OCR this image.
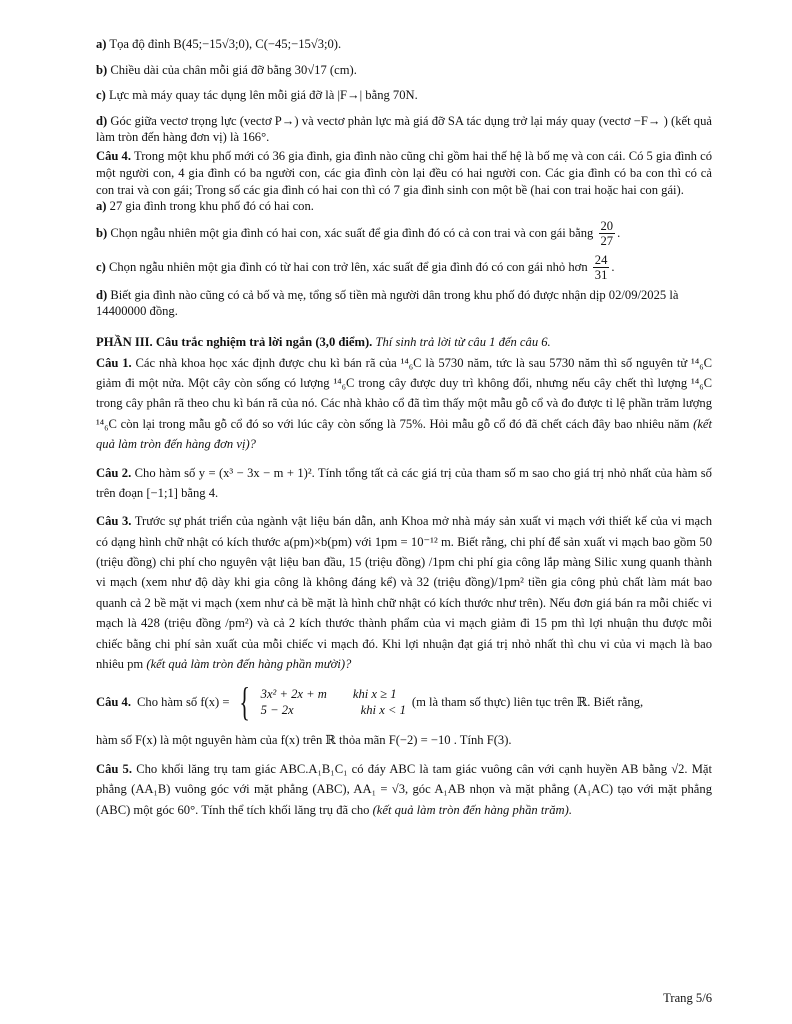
a) Tọa độ đỉnh B(45;−15√3;0), C(−45;−15√3;0).

b) Chiều dài của chân mỗi giá đỡ bằng 30√17 (cm).

c) Lực mà máy quay tác dụng lên mỗi giá đỡ là |F→| bằng 70N.

d) Góc giữa vectơ trọng lực (vectơ P→) và vectơ phản lực mà giá đỡ SA tác dụng trở lại máy quay (vectơ −F→ ) (kết quả làm tròn đến hàng đơn vị) là 166°.

Câu 4. Trong một khu phố mới có 36 gia đình, gia đình nào cũng chỉ gồm hai thế hệ là bố mẹ và con cái. Có 5 gia đình có một người con, 4 gia đình có ba người con, các gia đình còn lại đều có hai người con. Các gia đình có ba con thì có cả con trai và con gái; Trong số các gia đình có hai con thì có 7 gia đình sinh con một bề (hai con trai hoặc hai con gái).

a) 27 gia đình trong khu phố đó có hai con.

b) Chọn ngẫu nhiên một gia đình có hai con, xác suất để gia đình đó có cả con trai và con gái bằng $\frac{20}{27}$ .

c) Chọn ngẫu nhiên một gia đình có từ hai con trở lên, xác suất để gia đình đó có con gái nhỏ hơn $\frac{24}{31}$ .

d) Biết gia đình nào cũng có cả bố và mẹ, tổng số tiền mà người dân trong khu phố đó được nhận dịp 02/09/2025 là 14400000 đồng.

PHẦN III. Câu trắc nghiệm trả lời ngắn (3,0 điểm). Thí sinh trả lời từ câu 1 đến câu 6.

Câu 1. Các nhà khoa học xác định được chu kì bán rã của ¹⁴₆C là 5730 năm, tức là sau 5730 năm thì số nguyên tử ¹⁴₆C giảm đi một nửa. Một cây còn sống có lượng ¹⁴₆C trong cây được duy trì không đổi, nhưng nếu cây chết thì lượng ¹⁴₆C trong cây phân rã theo chu kì bán rã của nó. Các nhà khảo cổ đã tìm thấy một mẫu gỗ cổ và đo được tỉ lệ phần trăm lượng ¹⁴₆C còn lại trong mẫu gỗ cổ đó so với lúc cây còn sống là 75%. Hỏi mẫu gỗ cổ đó đã chết cách đây bao nhiêu năm (kết quả làm tròn đến hàng đơn vị)?

Câu 2. Cho hàm số y = (x³ − 3x − m + 1)². Tính tổng tất cả các giá trị của tham số m sao cho giá trị nhỏ nhất của hàm số trên đoạn [−1;1] bằng 4.

Câu 3. Trước sự phát triển của ngành vật liệu bán dẫn, anh Khoa mở nhà máy sản xuất vi mạch với thiết kế của vi mạch có dạng hình chữ nhật có kích thước a(pm)×b(pm) với 1pm = 10⁻¹² m. Biết rằng, chi phí để sản xuất vi mạch bao gồm 50 (triệu đồng) chi phí cho nguyên vật liệu ban đầu, 15 (triệu đồng) /1pm chi phí gia công lắp màng Silic xung quanh thành vi mạch (xem như độ dày khi gia công là không đáng kể) và 32 (triệu đồng)/1pm² tiền gia công phủ chất làm mát bao quanh cả 2 bề mặt vi mạch (xem như cả bề mặt là hình chữ nhật có kích thước như trên). Nếu đơn giá bán ra mỗi chiếc vi mạch là 428 (triệu đồng /pm²) và cả 2 kích thước thành phẩm của vi mạch giảm đi 15 pm thì lợi nhuận thu được mỗi chiếc bằng chi phí sản xuất của mỗi chiếc vi mạch đó. Khi lợi nhuận đạt giá trị nhỏ nhất thì chu vi của vi mạch là bao nhiêu pm (kết quả làm tròn đến hàng phần mười)?

Câu 4. Cho hàm số f(x) = { 3x² + 2x + m khi x ≥ 1
5 − 2x	khi x < 1
(m là tham số thực) liên tục trên ℝ. Biết rằng,

hàm số F(x) là một nguyên hàm của f(x) trên ℝ thỏa mãn F(−2) = −10 . Tính F(3).

Câu 5. Cho khối lăng trụ tam giác ABC.A₁B₁C₁ có đáy ABC là tam giác vuông cân với cạnh huyền AB bằng √2. Mặt phẳng (AA₁B) vuông góc với mặt phẳng (ABC), AA₁ = √3, góc A₁AB nhọn và mặt phẳng (A₁AC) tạo với mặt phẳng (ABC) một góc 60°. Tính thể tích khối lăng trụ đã cho (kết quả làm tròn đến hàng phần trăm).

Trang 5/6
